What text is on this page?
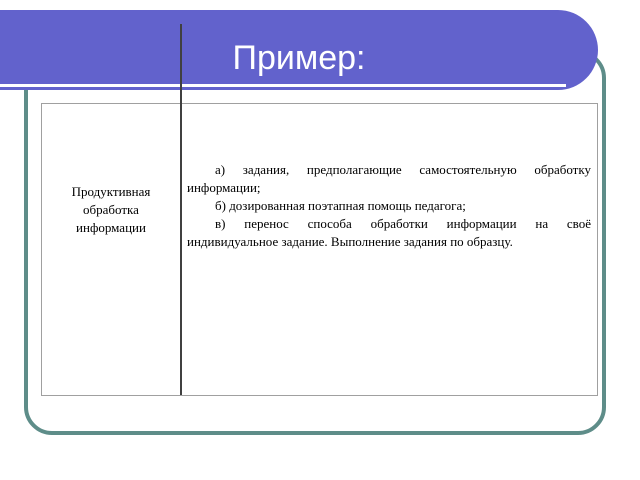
Пример:
Продуктивная обработка информации

а) задания, предполагающие самостоятельную обработку информации;

б) дозированная поэтапная помощь педагога;

в) перенос способа обработки информации на своё индивидуальное задание. Выполнение задания по образцу.
